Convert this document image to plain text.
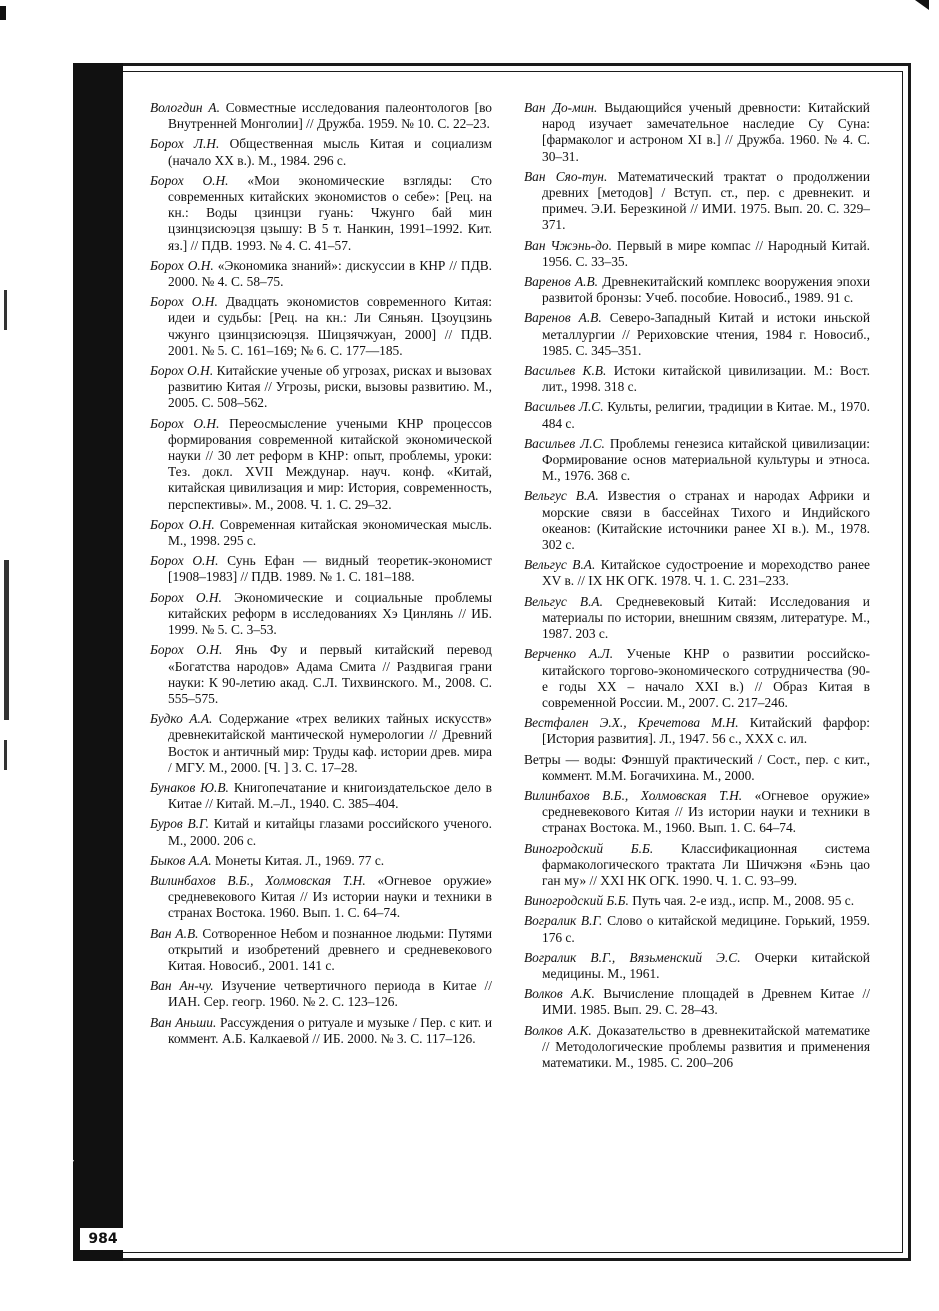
丙
984

Вологдин А. Совместные исследования палеонтологов [во Внутренней Монголии] // Дружба. 1959. № 10. С. 22–23.

Борох Л.Н. Общественная мысль Китая и социализм (начало XX в.). М., 1984. 296 с.

Борох О.Н. «Мои экономические взгляды: Сто современных китайских экономистов о себе»: [Рец. на кн.: Воды цзинцзи гуань: Чжунго бай мин цзинцзисюэцзя цзышу: В 5 т. Нанкин, 1991–1992. Кит. яз.] // ПДВ. 1993. № 4. С. 41–57.

Борох О.Н. «Экономика знаний»: дискуссии в КНР // ПДВ. 2000. № 4. С. 58–75.

Борох О.Н. Двадцать экономистов современного Китая: идеи и судьбы: [Рец. на кн.: Ли Сяньян. Цзоуцзинь чжунго цзинцзисюэцзя. Шицзячжуан, 2000] // ПДВ. 2001. № 5. С. 161–169; № 6. С. 177—185.

Борох О.Н. Китайские ученые об угрозах, рисках и вызовах развитию Китая // Угрозы, риски, вызовы развитию. М., 2005. С. 508–562.

Борох О.Н. Переосмысление учеными КНР процессов формирования современной китайской экономической науки // 30 лет реформ в КНР: опыт, проблемы, уроки: Тез. докл. XVII Междунар. науч. конф. «Китай, китайская цивилизация и мир: История, современность, перспективы». М., 2008. Ч. 1. С. 29–32.

Борох О.Н. Современная китайская экономическая мысль. М., 1998. 295 с.

Борох О.Н. Сунь Ефан — видный теоретик-экономист [1908–1983] // ПДВ. 1989. № 1. С. 181–188.

Борох О.Н. Экономические и социальные проблемы китайских реформ в исследованиях Хэ Цинлянь // ИБ. 1999. № 5. С. 3–53.

Борох О.Н. Янь Фу и первый китайский перевод «Богатства народов» Адама Смита // Раздвигая грани науки: К 90-летию акад. С.Л. Тихвинского. М., 2008. С. 555–575.

Будко А.А. Содержание «трех великих тайных искусств» древнекитайской мантической нумерологии // Древний Восток и античный мир: Труды каф. истории древ. мира / МГУ. М., 2000. [Ч. ] 3. С. 17–28.

Бунаков Ю.В. Книгопечатание и книгоиздательское дело в Китае // Китай. М.–Л., 1940. С. 385–404.

Буров В.Г. Китай и китайцы глазами российского ученого. М., 2000. 206 с.

Быков А.А. Монеты Китая. Л., 1969. 77 с.

Вилинбахов В.Б., Холмовская Т.Н. «Огневое оружие» средневекового Китая // Из истории науки и техники в странах Востока. 1960. Вып. 1. С. 64–74.

Ван А.В. Сотворенное Небом и познанное людьми: Путями открытий и изобретений древнего и средневекового Китая. Новосиб., 2001. 141 с.

Ван Ан-чу. Изучение четвертичного периода в Китае // ИАН. Сер. геогр. 1960. № 2. С. 123–126.

Ван Аньши. Рассуждения о ритуале и музыке / Пер. с кит. и коммент. А.Б. Калкаевой // ИБ. 2000. № 3. С. 117–126.

Ван До-мин. Выдающийся ученый древности: Китайский народ изучает замечательное наследие Су Суна: [фармаколог и астроном XI в.] // Дружба. 1960. № 4. С. 30–31.

Ван Сяо-тун. Математический трактат о продолжении древних [методов] / Вступ. ст., пер. с древнекит. и примеч. Э.И. Березкиной // ИМИ. 1975. Вып. 20. С. 329–371.

Ван Чжэнь-до. Первый в мире компас // Народный Китай. 1956. С. 33–35.

Варенов А.В. Древнекитайский комплекс вооружения эпохи развитой бронзы: Учеб. пособие. Новосиб., 1989. 91 с.

Варенов А.В. Северо-Западный Китай и истоки иньской металлургии // Рериховские чтения, 1984 г. Новосиб., 1985. С. 345–351.

Васильев К.В. Истоки китайской цивилизации. М.: Вост. лит., 1998. 318 с.

Васильев Л.С. Культы, религии, традиции в Китае. М., 1970. 484 с.

Васильев Л.С. Проблемы генезиса китайской цивилизации: Формирование основ материальной культуры и этноса. М., 1976. 368 с.

Вельгус В.А. Известия о странах и народах Африки и морские связи в бассейнах Тихого и Индийского океанов: (Китайские источники ранее XI в.). М., 1978. 302 с.

Вельгус В.А. Китайское судостроение и мореходство ранее XV в. // IX НК ОГК. 1978. Ч. 1. С. 231–233.

Вельгус В.А. Средневековый Китай: Исследования и материалы по истории, внешним связям, литературе. М., 1987. 203 с.

Верченко А.Л. Ученые КНР о развитии российско-китайского торгово-экономического сотрудничества (90-е годы XX – начало XXI в.) // Образ Китая в современной России. М., 2007. С. 217–246.

Вестфален Э.Х., Кречетова М.Н. Китайский фарфор: [История развития]. Л., 1947. 56 с., XXX с. ил.

Ветры — воды: Фэншуй практический / Сост., пер. с кит., коммент. М.М. Богачихина. М., 2000.

Вилинбахов В.Б., Холмовская Т.Н. «Огневое оружие» средневекового Китая // Из истории науки и техники в странах Востока. М., 1960. Вып. 1. С. 64–74.

Виногродский Б.Б. Классификационная система фармакологического трактата Ли Шичжэня «Бэнь цао ган му» // XXI НК ОГК. 1990. Ч. 1. С. 93–99.

Виногродский Б.Б. Путь чая. 2-е изд., испр. М., 2008. 95 с.

Вогралик В.Г. Слово о китайской медицине. Горький, 1959. 176 с.

Вогралик В.Г., Вязьменский Э.С. Очерки китайской медицины. М., 1961.

Волков А.К. Вычисление площадей в Древнем Китае // ИМИ. 1985. Вып. 29. С. 28–43.

Волков А.К. Доказательство в древнекитайской математике // Методологические проблемы развития и применения математики. М., 1985. С. 200–206
